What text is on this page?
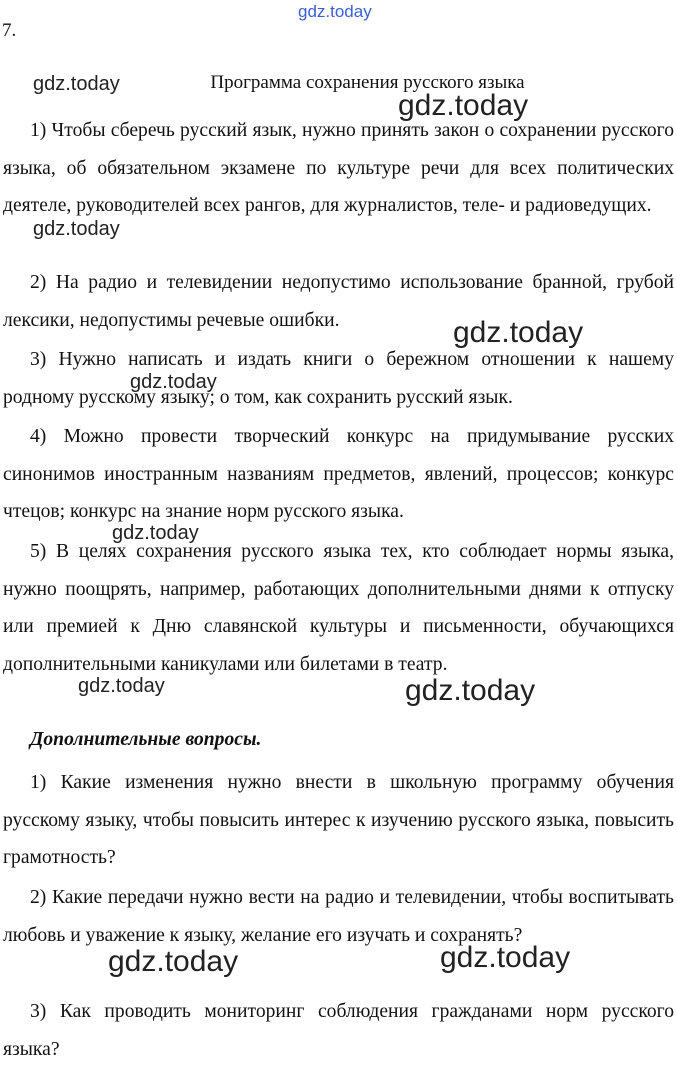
gdz.today
7.
Программа сохранения русского языка

1) Чтобы сберечь русский язык, нужно принять закон о сохранении русского языка, об обязательном экзамене по культуре речи для всех политических деятеле, руководителей всех рангов, для журналистов, теле- и радиоведущих.

2) На радио и телевидении недопустимо использование бранной, грубой лексики, недопустимы речевые ошибки.

3) Нужно написать и издать книги о бережном отношении к нашему родному русскому языку; о том, как сохранить русский язык.

4) Можно провести творческий конкурс на придумывание русских синонимов иностранным названиям предметов, явлений, процессов; конкурс чтецов; конкурс на знание норм русского языка.

5) В целях сохранения русского языка тех, кто соблюдает нормы языка, нужно поощрять, например, работающих дополнительными днями к отпуску или премией к Дню славянской культуры и письменности, обучающихся дополнительными каникулами или билетами в театр.

Дополнительные вопросы.

1) Какие изменения нужно внести в школьную программу обучения русскому языку, чтобы повысить интерес к изучению русского языка, повысить грамотность?

2) Какие передачи нужно вести на радио и телевидении, чтобы воспитывать любовь и уважение к языку, желание его изучать и сохранять?

3) Как проводить мониторинг соблюдения гражданами норм русского языка?

gdz.today
gdz.today
gdz.today
gdz.today
gdz.today
gdz.today
gdz.today	gdz.today
gdz.today	gdz.today
